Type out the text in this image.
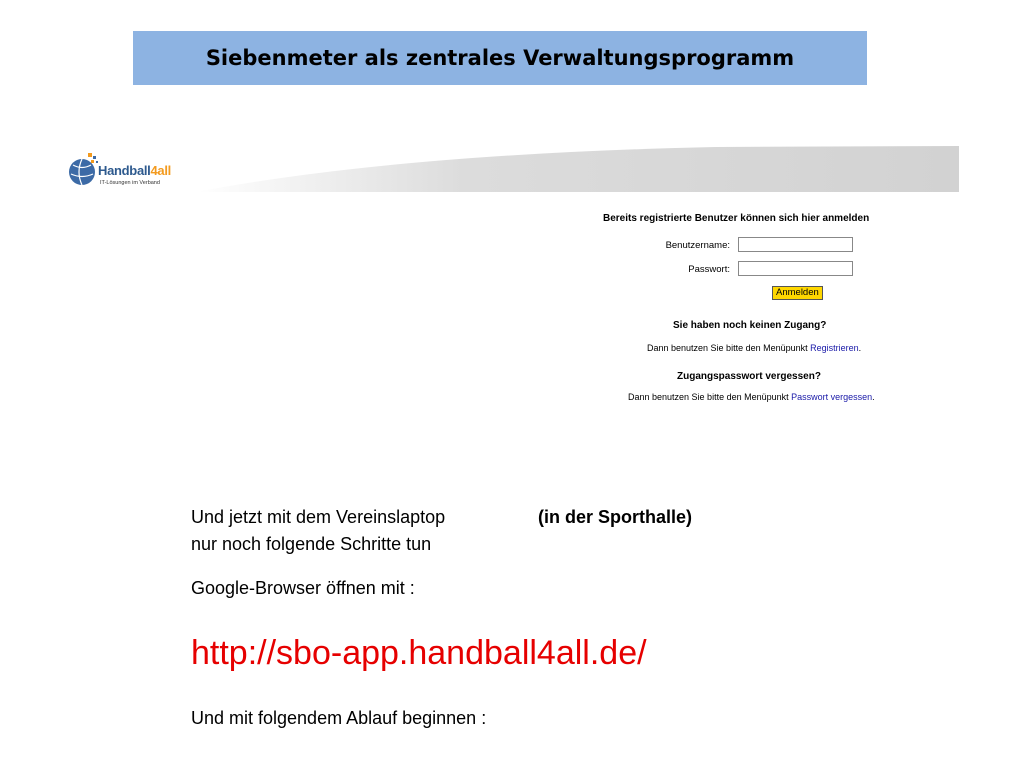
Siebenmeter als zentrales Verwaltungsprogramm
Handball4all
IT-Lösungen im Verband
Bereits registrierte Benutzer können sich hier anmelden
Benutzername:
Passwort:
Anmelden
Sie haben noch keinen Zugang?
Dann benutzen Sie bitte den Menüpunkt Registrieren.
Zugangspasswort vergessen?
Dann benutzen Sie bitte den Menüpunkt Passwort vergessen.
Und jetzt mit dem Vereinslaptop	(in der Sporthalle)
nur noch folgende Schritte tun
Google-Browser öffnen mit :
http://sbo-app.handball4all.de/
Und mit folgendem Ablauf beginnen :
